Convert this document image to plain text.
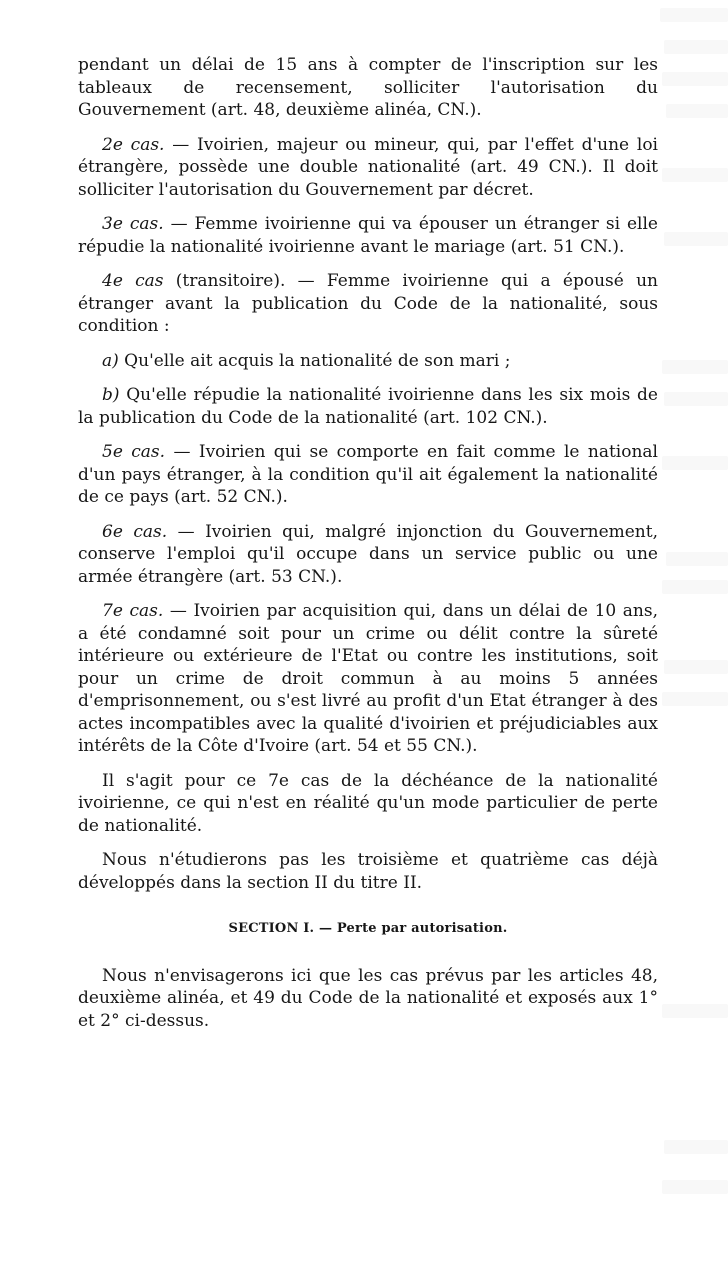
pendant un délai de 15 ans à compter de l'inscription sur les tableaux de recensement, solliciter l'autorisation du Gouvernement (art. 48, deuxième alinéa, CN.).

2e cas. — Ivoirien, majeur ou mineur, qui, par l'effet d'une loi étrangère, possède une double nationalité (art. 49 CN.). Il doit solliciter l'autorisation du Gouvernement par décret.

3e cas. — Femme ivoirienne qui va épouser un étranger si elle répudie la nationalité ivoirienne avant le mariage (art. 51 CN.).

4e cas (transitoire). — Femme ivoirienne qui a épousé un étranger avant la publication du Code de la nationalité, sous condition :

a) Qu'elle ait acquis la nationalité de son mari ;

b) Qu'elle répudie la nationalité ivoirienne dans les six mois de la publication du Code de la nationalité (art. 102 CN.).

5e cas. — Ivoirien qui se comporte en fait comme le national d'un pays étranger, à la condition qu'il ait également la nationalité de ce pays (art. 52 CN.).

6e cas. — Ivoirien qui, malgré injonction du Gouvernement, conserve l'emploi qu'il occupe dans un service public ou une armée étrangère (art. 53 CN.).

7e cas. — Ivoirien par acquisition qui, dans un délai de 10 ans, a été condamné soit pour un crime ou délit contre la sûreté intérieure ou extérieure de l'Etat ou contre les institutions, soit pour un crime de droit commun à au moins 5 années d'emprisonnement, ou s'est livré au profit d'un Etat étranger à des actes incompatibles avec la qualité d'ivoirien et préjudiciables aux intérêts de la Côte d'Ivoire (art. 54 et 55 CN.).

Il s'agit pour ce 7e cas de la déchéance de la nationalité ivoirienne, ce qui n'est en réalité qu'un mode particulier de perte de nationalité.

Nous n'étudierons pas les troisième et quatrième cas déjà développés dans la section II du titre II.

SECTION I. — Perte par autorisation.

Nous n'envisagerons ici que les cas prévus par les articles 48, deuxième alinéa, et 49 du Code de la nationalité et exposés aux 1° et 2° ci-dessus.
